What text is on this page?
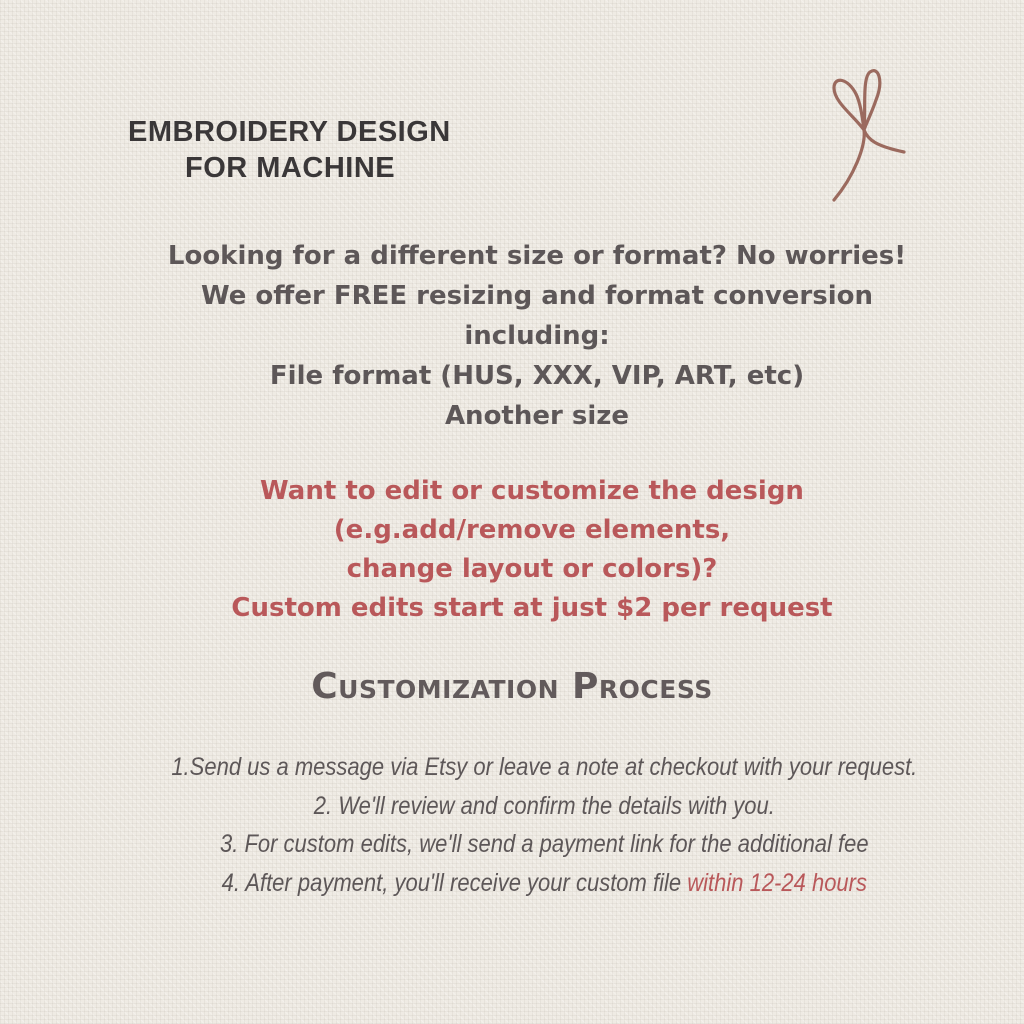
EMBROIDERY DESIGN
FOR MACHINE
Looking for a different size or format? No worries!
We offer FREE resizing and format conversion
including:
File format (HUS, XXX, VIP, ART, etc)
Another size
Want to edit or customize the design
(e.g.add/remove elements,
change layout or colors)?
Custom edits start at just $2 per request
Customization Process
1.Send us a message via Etsy or leave a note at checkout with your request.
2. We'll review and confirm the details with you.
3. For custom edits, we'll send a payment link for the additional fee
4. After payment, you'll receive your custom file within 12-24 hours
